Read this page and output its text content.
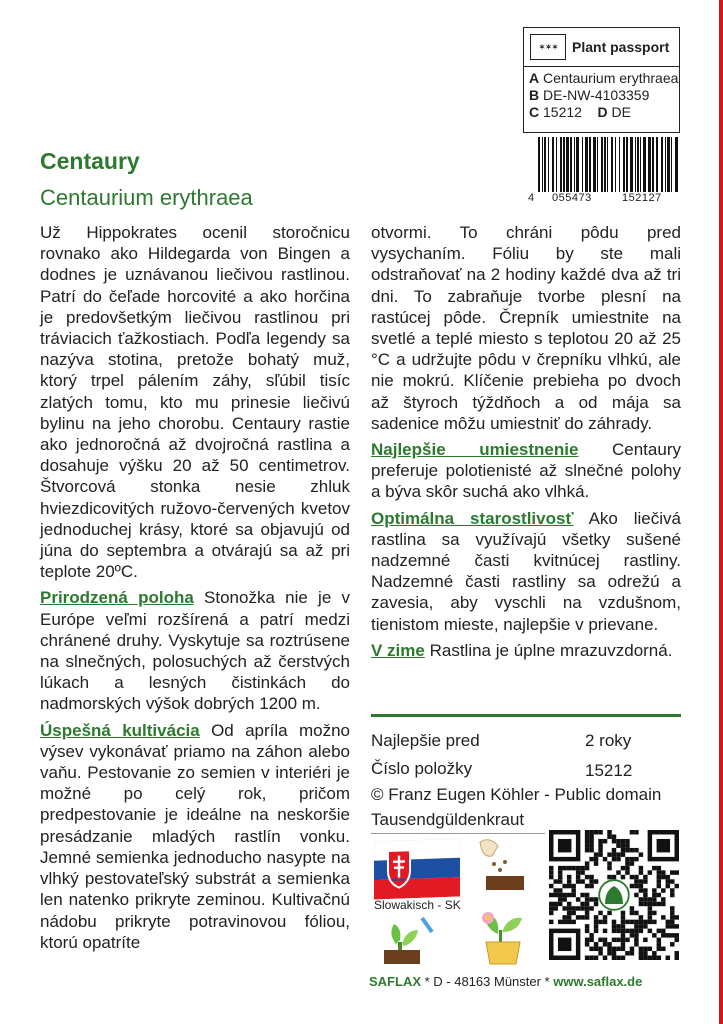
✶✶✶	Plant passport
A Centaurium erythraea
B DE-NW-4103359
C 15212 D DE
4 055473	152127
Centaury
Centaurium erythraea

Už Hippokrates ocenil storočnicu rovnako ako Hildegarda von Bingen a dodnes je uznávanou liečivou rastlinou. Patrí do čeľade horcovité a ako horčina je predovšetkým liečivou rastlinou pri tráviacich ťažkostiach. Podľa legendy sa nazýva stotina, pretože bohatý muž, ktorý trpel pálením záhy, sľúbil tisíc zlatých tomu, kto mu prinesie liečivú bylinu na jeho chorobu. Centaury rastie ako jednoročná až dvojročná rastlina a dosahuje výšku 20 až 50 centimetrov. Štvorcová stonka nesie zhluk hviezdicovitých ružovo-červených kvetov jednoduchej krásy, ktoré sa objavujú od júna do septembra a otvárajú sa až pri teplote 20ºC.

Prirodzená poloha Stonožka nie je v Európe veľmi rozšírená a patrí medzi chránené druhy. Vyskytuje sa roztrúsene na slnečných, polosuchých až čerstvých lúkach a lesných čistinkách do nadmorských výšok dobrých 1200 m.

Úspešná kultivácia Od apríla možno výsev vykonávať priamo na záhon alebo vaňu. Pestovanie zo semien v interiéri je možné po celý rok, pričom predpestovanie je ideálne na neskoršie presádzanie mladých rastlín vonku. Jemné semienka jednoducho nasypte na vlhký pestovateľský substrát a semienka len natenko prikryte zeminou. Kultivačnú nádobu prikryte potravinovou fóliou, ktorú opatríte

otvormi. To chráni pôdu pred vysychaním. Fóliu by ste mali odstraňovať na 2 hodiny každé dva až tri dni. To zabraňuje tvorbe plesní na rastúcej pôde. Črepník umiestnite na svetlé a teplé miesto s teplotou 20 až 25 °C a udržujte pôdu v črepníku vlhkú, ale nie mokrú. Klíčenie prebieha po dvoch až štyroch týždňoch a od mája sa sadenice môžu umiestniť do záhrady.

Najlepšie umiestnenie Centaury preferuje polotienisté až slnečné polohy a býva skôr suchá ako vlhká.

Optimálna starostlivosť Ako liečivá rastlina sa využívajú všetky sušené nadzemné časti kvitnúcej rastliny. Nadzemné časti rastliny sa odrežú a zavesia, aby vyschli na vzdušnom, tienistom mieste, najlepšie v prievane.

V zime Rastlina je úplne mrazuvzdorná.

Najlepšie pred	2 roky
Číslo položky	15212
© Franz Eugen Köhler - Public domain
Tausendgüldenkraut
Slowakisch - SK
SAFLAX * D - 48163 Münster * www.saflax.de
